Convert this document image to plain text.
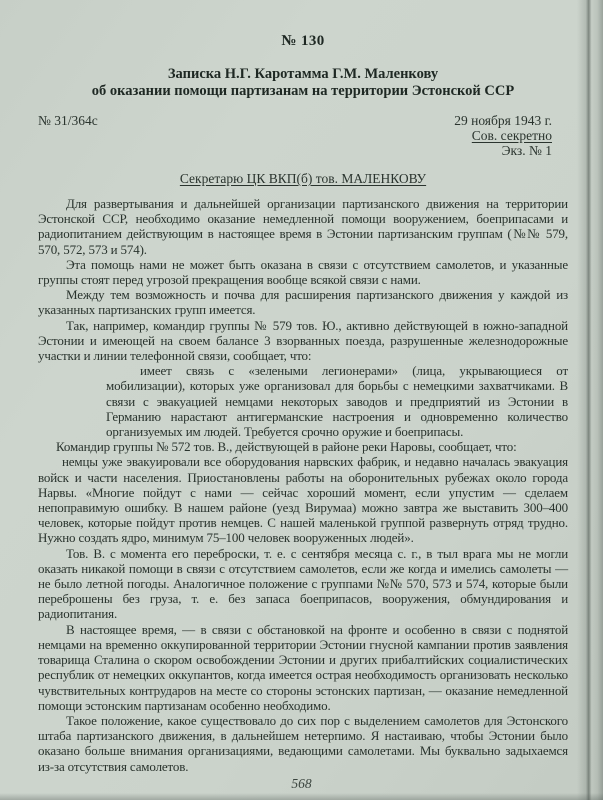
№ 130
Записка Н.Г. Каротамма Г.М. Маленкову
об оказании помощи партизанам на территории Эстонской ССР
№ 31/364с	29 ноября 1943 г.
Сов. секретно
Экз. № 1
Секретарю ЦК ВКП(б) тов. МАЛЕНКОВУ

Для развертывания и дальнейшей организации партизанского движения на территории Эстонской ССР, необходимо оказание немедленной помощи вооружением, боеприпасами и радиопитанием действующим в настоящее время в Эстонии партизанским группам (№№ 579, 570, 572, 573 и 574).

Эта помощь нами не может быть оказана в связи с отсутствием самолетов, и указанные группы стоят перед угрозой прекращения вообще всякой связи с нами.

Между тем возможность и почва для расширения партизанского движения у каждой из указанных партизанских групп имеется.

Так, например, командир группы № 579 тов. Ю., активно действующей в южно-западной Эстонии и имеющей на своем балансе 3 взорванных поезда, разрушенные железнодорожные участки и линии телефонной связи, сообщает, что:

имеет связь с «зелеными легионерами» (лица, укрывающиеся от мобилизации), которых уже организовал для борьбы с немецкими захватчиками. В связи с эвакуацией немцами некоторых заводов и предприятий из Эстонии в Германию нарастают антигерманские настроения и одновременно количество организуемых им людей. Требуется срочно оружие и боеприпасы.

Командир группы № 572 тов. В., действующей в районе реки Наровы, сообщает, что:

немцы уже эвакуировали все оборудования нарвских фабрик, и недавно началась эвакуация войск и части населения. Приостановлены работы на оборонительных рубежах около города Нарвы. «Многие пойдут с нами — сейчас хороший момент, если упустим — сделаем непоправимую ошибку. В нашем районе (уезд Вирумаа) можно завтра же выставить 300–400 человек, которые пойдут против немцев. С нашей маленькой группой развернуть отряд трудно. Нужно создать ядро, минимум 75–100 человек вооруженных людей».

Тов. В. с момента его переброски, т. е. с сентября месяца с. г., в тыл врага мы не могли оказать никакой помощи в связи с отсутствием самолетов, если же когда и имелись самолеты — не было летной погоды. Аналогичное положение с группами №№ 570, 573 и 574, которые были переброшены без груза, т. е. без запаса боеприпасов, вооружения, обмундирования и радиопитания.

В настоящее время, — в связи с обстановкой на фронте и особенно в связи с поднятой немцами на временно оккупированной территории Эстонии гнусной кампании против заявления товарища Сталина о скором освобождении Эстонии и других прибалтийских социалистических республик от немецких оккупантов, когда имеется острая необходимость организовать несколько чувствительных контрударов на месте со стороны эстонских партизан, — оказание немедленной помощи эстонским партизанам особенно необходимо.

Такое положение, какое существовало до сих пор с выделением самолетов для Эстонского штаба партизанского движения, в дальнейшем нетерпимо. Я настаиваю, чтобы Эстонии было оказано больше внимания организациями, ведающими самолетами. Мы буквально задыхаемся из-за отсутствия самолетов.

568
